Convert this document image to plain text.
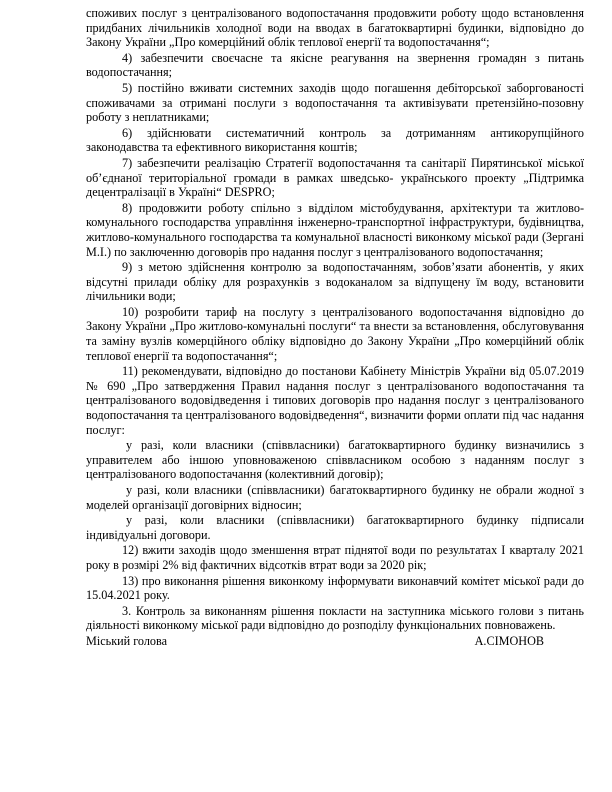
споживих послуг з централізованого водопостачання продовжити роботу щодо встановлення придбаних лічильників холодної води на вводах в багатоквартирні будинки, відповідно до Закону України „Про комерційний облік теплової енергії та водопостачання“;

4) забезпечити своєчасне та якісне реагування на звернення громадян з питань водопостачання;

5) постійно вживати системних заходів щодо погашення дебіторської заборгованості споживачами за отримані послуги з водопостачання та активізувати претензійно-позовну роботу з неплатниками;

6) здійснювати систематичний контроль за дотриманням антикорупційного законодавства та ефективного використання коштів;

7) забезпечити реалізацію Стратегії водопостачання та санітарії Пирятинської міської об’єднаної територіальної громади в рамках шведсько- українського проекту „Підтримка децентралізації в Україні“ DESPRO;

8) продовжити роботу спільно з відділом містобудування, архітектури та житлово-комунального господарства управління інженерно-транспортної інфраструктури, будівництва, житлово-комунального господарства та комунальної власності виконкому міської ради (Зергані М.І.) по заключенню договорів про надання послуг з централізованого водопостачання;

9) з метою здійснення контролю за водопостачанням, зобов’язати абонентів, у яких відсутні прилади обліку для розрахунків з водоканалом за відпущену їм воду, встановити лічильники води;

10) розробити тариф на послугу з централізованого водопостачання відповідно до Закону України „Про житлово-комунальні послуги“ та внести за встановлення, обслуговування та заміну вузлів комерційного обліку відповідно до Закону України „Про комерційний облік теплової енергії та водопостачання“;

11) рекомендувати, відповідно до постанови Кабінету Міністрів України від 05.07.2019 № 690 „Про затвердження Правил надання послуг з централізованого водопостачання та централізованого водовідведення і типових договорів про надання послуг з централізованого водопостачання та централізованого водовідведення“, визначити форми оплати під час надання послуг:

у разі, коли власники (співвласники) багатоквартирного будинку визначились з управителем або іншою уповноваженою співвласником особою з наданням послуг з централізованого водопостачання (колективний договір);

у разі, коли власники (співвласники) багатоквартирного будинку не обрали жодної з моделей організації договірних відносин;

у разі, коли власники (співвласники) багатоквартирного будинку підписали індивідуальні договори.

12) вжити заходів щодо зменшення втрат піднятої води по результатах I кварталу 2021 року в розмірі 2% від фактичних відсотків втрат води за 2020 рік;

13) про виконання рішення виконкому інформувати виконавчий комітет міської ради до 15.04.2021 року.

3. Контроль за виконанням рішення покласти на заступника міського голови з питань діяльності виконкому міської ради відповідно до розподілу функціональних повноважень.

Міський голова	А.СІМОНОВ
